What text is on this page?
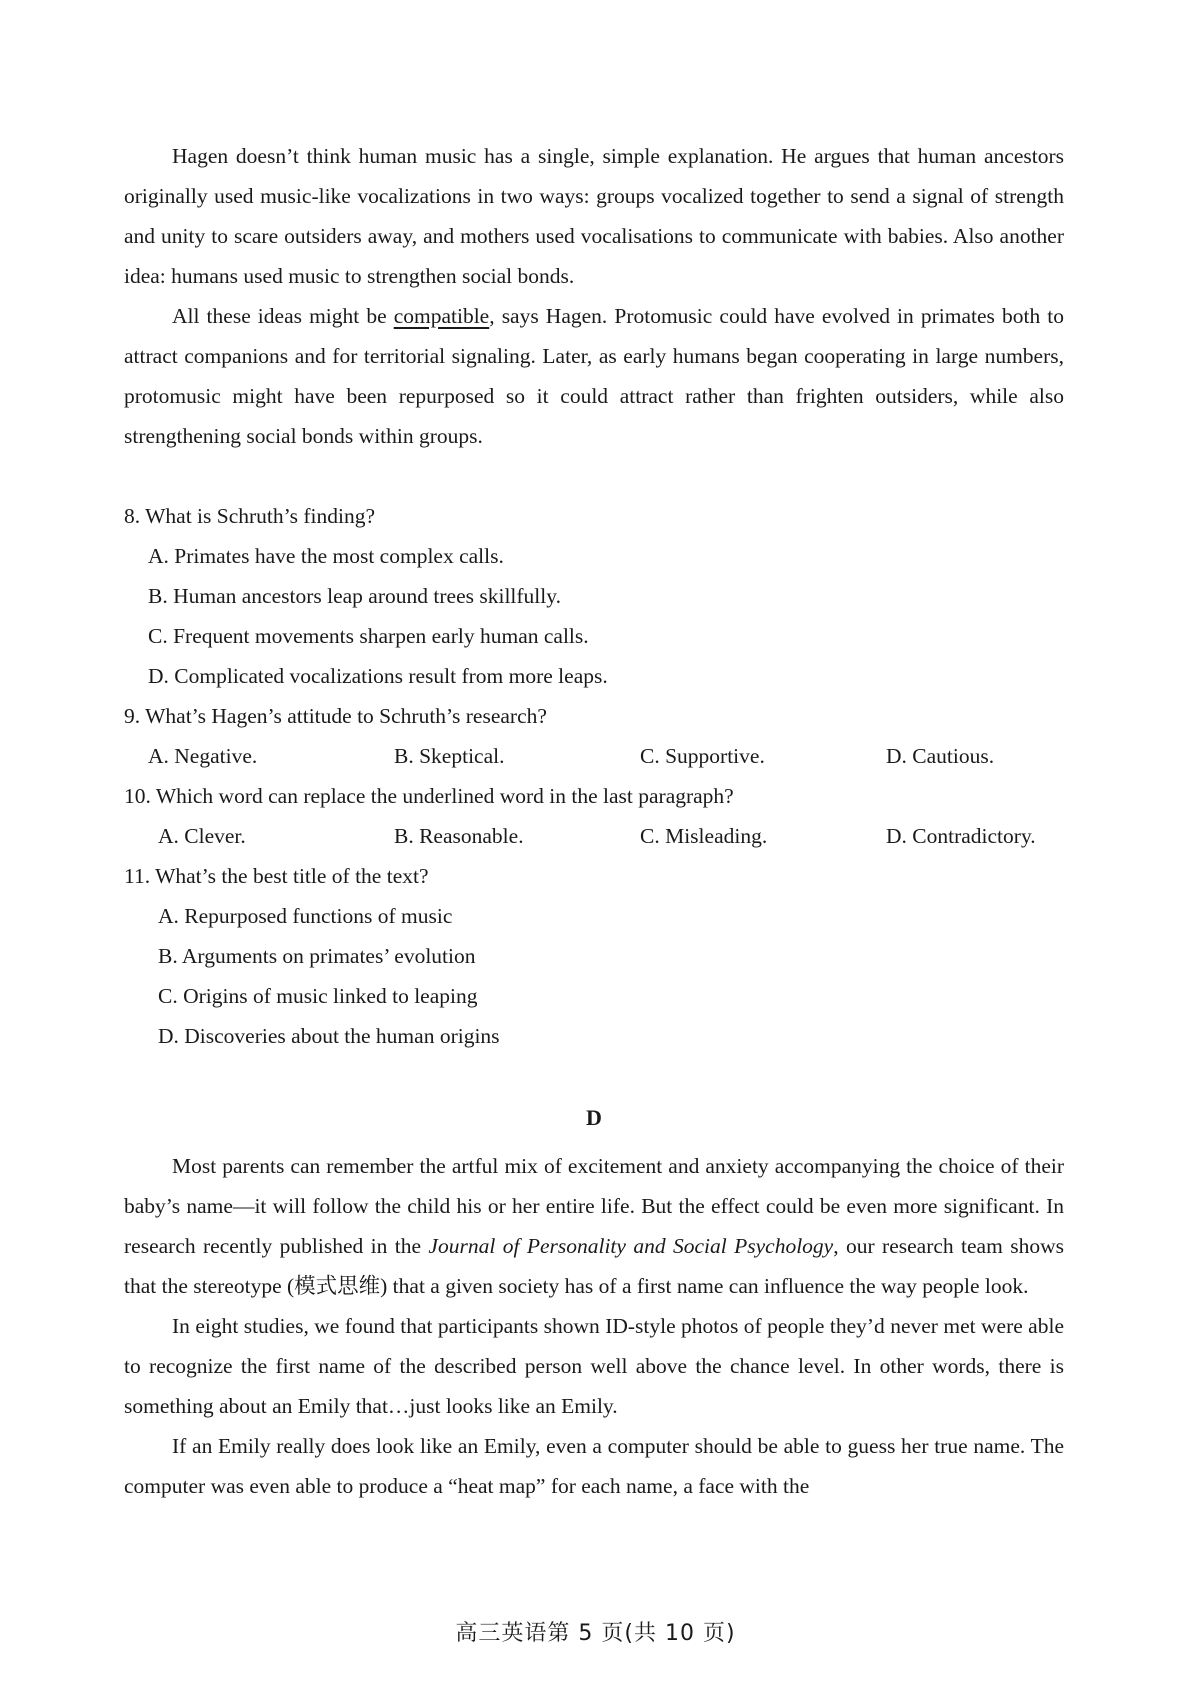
Hagen doesn’t think human music has a single, simple explanation. He argues that human ancestors originally used music-like vocalizations in two ways: groups vocalized together to send a signal of strength and unity to scare outsiders away, and mothers used vocalisations to communicate with babies. Also another idea: humans used music to strengthen social bonds.

All these ideas might be compatible, says Hagen. Protomusic could have evolved in primates both to attract companions and for territorial signaling. Later, as early humans began cooperating in large numbers, protomusic might have been repurposed so it could attract rather than frighten outsiders, while also strengthening social bonds within groups.

8. What is Schruth’s finding?

A. Primates have the most complex calls.

B. Human ancestors leap around trees skillfully.

C. Frequent movements sharpen early human calls.

D. Complicated vocalizations result from more leaps.

9. What’s Hagen’s attitude to Schruth’s research?

A. Negative.	B. Skeptical.	C. Supportive.	D. Cautious.

10. Which word can replace the underlined word in the last paragraph?

A. Clever.	B. Reasonable.	C. Misleading.	D. Contradictory.

11. What’s the best title of the text?

A. Repurposed functions of music

B. Arguments on primates’ evolution

C. Origins of music linked to leaping

D. Discoveries about the human origins

D

Most parents can remember the artful mix of excitement and anxiety accompanying the choice of their baby’s name—it will follow the child his or her entire life. But the effect could be even more significant. In research recently published in the Journal of Personality and Social Psychology, our research team shows that the stereotype (模式思维) that a given society has of a first name can influence the way people look.

In eight studies, we found that participants shown ID-style photos of people they’d never met were able to recognize the first name of the described person well above the chance level. In other words, there is something about an Emily that…just looks like an Emily.

If an Emily really does look like an Emily, even a computer should be able to guess her true name. The computer was even able to produce a “heat map” for each name, a face with the

高三英语第 5 页(共 10 页)
